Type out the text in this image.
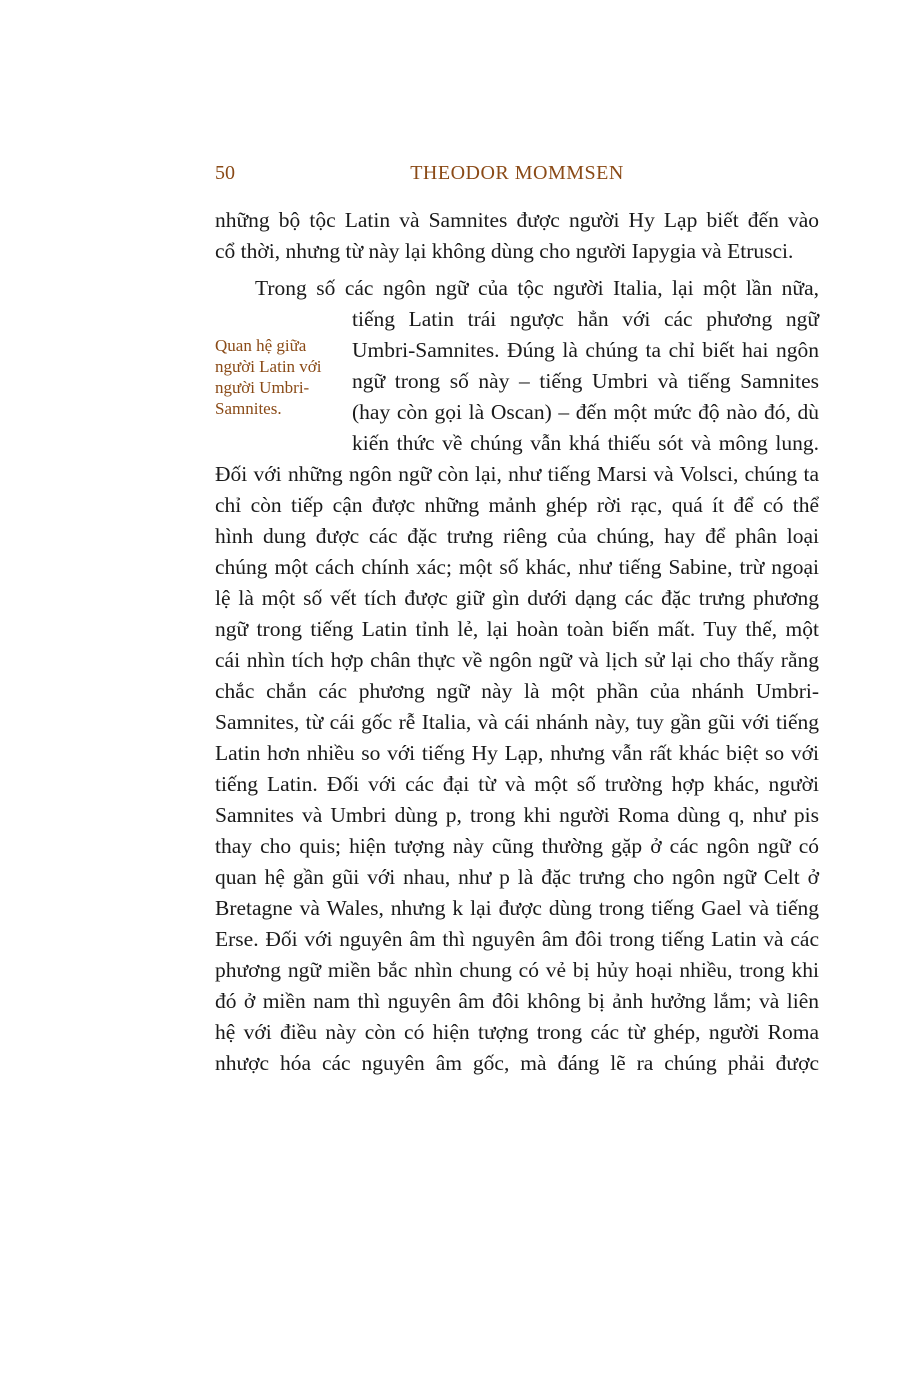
50	THEODOR MOMMSEN
Quan hệ giữa
người Latin với
người Umbri-
Samnites.
những bộ tộc Latin và Samnites được người Hy Lạp biết đến vào
cổ thời, nhưng từ này lại không dùng cho người Iapygia và Etrusci.
Trong số các ngôn ngữ của tộc người Italia, lại một lần nữa,
tiếng Latin trái ngược hẳn với các phương ngữ
Umbri-Samnites. Đúng là chúng ta chỉ biết hai ngôn
ngữ trong số này – tiếng Umbri và tiếng Samnites
(hay còn gọi là Oscan) – đến một mức độ nào đó, dù
kiến thức về chúng vẫn khá thiếu sót và mông lung.
Đối với những ngôn ngữ còn lại, như tiếng Marsi và Volsci, chúng ta
chỉ còn tiếp cận được những mảnh ghép rời rạc, quá ít để có thể
hình dung được các đặc trưng riêng của chúng, hay để phân loại
chúng một cách chính xác; một số khác, như tiếng Sabine, trừ ngoại
lệ là một số vết tích được giữ gìn dưới dạng các đặc trưng phương
ngữ trong tiếng Latin tỉnh lẻ, lại hoàn toàn biến mất. Tuy thế, một
cái nhìn tích hợp chân thực về ngôn ngữ và lịch sử lại cho thấy rằng
chắc chắn các phương ngữ này là một phần của nhánh Umbri-
Samnites, từ cái gốc rễ Italia, và cái nhánh này, tuy gần gũi với tiếng
Latin hơn nhiều so với tiếng Hy Lạp, nhưng vẫn rất khác biệt so với
tiếng Latin. Đối với các đại từ và một số trường hợp khác, người
Samnites và Umbri dùng p, trong khi người Roma dùng q, như pis
thay cho quis; hiện tượng này cũng thường gặp ở các ngôn ngữ có
quan hệ gần gũi với nhau, như p là đặc trưng cho ngôn ngữ Celt ở
Bretagne và Wales, nhưng k lại được dùng trong tiếng Gael và tiếng
Erse. Đối với nguyên âm thì nguyên âm đôi trong tiếng Latin và các
phương ngữ miền bắc nhìn chung có vẻ bị hủy hoại nhiều, trong khi
đó ở miền nam thì nguyên âm đôi không bị ảnh hưởng lắm; và liên
hệ với điều này còn có hiện tượng trong các từ ghép, người Roma
nhược hóa các nguyên âm gốc, mà đáng lẽ ra chúng phải được
